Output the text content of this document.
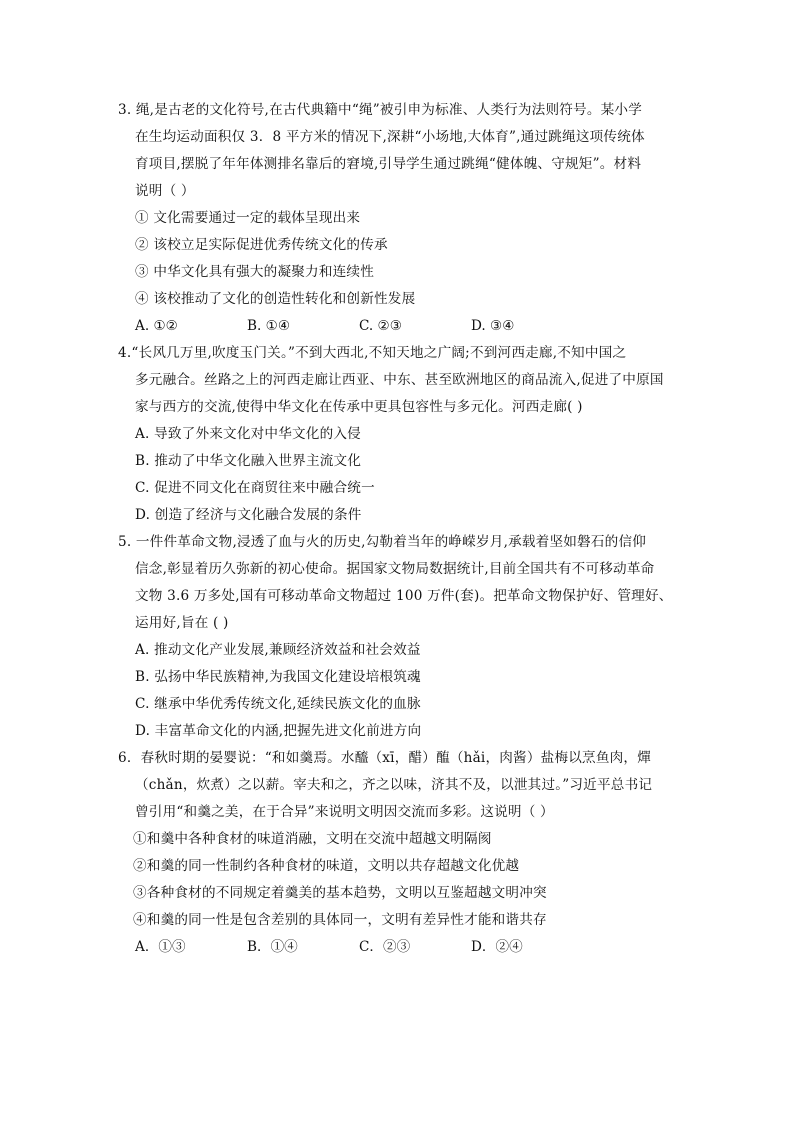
3. 绳,是古老的文化符号,在古代典籍中“绳”被引申为标准、人类行为法则符号。某小学
在生均运动面积仅 3．8 平方米的情况下,深耕“小场地,大体育”,通过跳绳这项传统体
育项目,摆脱了年年体测排名靠后的窘境,引导学生通过跳绳“健体魄、守规矩”。材料
说明（ ）
① 文化需要通过一定的载体呈现出来
② 该校立足实际促进优秀传统文化的传承
③ 中华文化具有强大的凝聚力和连续性
④ 该校推动了文化的创造性转化和创新性发展
A. ①②	B. ①④	C. ②③	D. ③④
4.“长风几万里,吹度玉门关。”不到大西北,不知天地之广阔;不到河西走廊,不知中国之
多元融合。丝路之上的河西走廊让西亚、中东、甚至欧洲地区的商品流入,促进了中原国
家与西方的交流,使得中华文化在传承中更具包容性与多元化。河西走廊( )
A. 导致了外来文化对中华文化的入侵
B. 推动了中华文化融入世界主流文化
C. 促进不同文化在商贸往来中融合统一
D. 创造了经济与文化融合发展的条件
5. 一件件革命文物,浸透了血与火的历史,勾勒着当年的峥嵘岁月,承载着坚如磐石的信仰
信念,彰显着历久弥新的初心使命。据国家文物局数据统计,目前全国共有不可移动革命
文物 3.6 万多处,国有可移动革命文物超过 100 万件(套)。把革命文物保护好、管理好、
运用好,旨在 ( )
A. 推动文化产业发展,兼顾经济效益和社会效益
B. 弘扬中华民族精神,为我国文化建设培根筑魂
C. 继承中华优秀传统文化,延续民族文化的血脉
D. 丰富革命文化的内涵,把握先进文化前进方向
6．春秋时期的晏婴说：“和如羹焉。水醯（xī，醋）醢（hǎi，肉酱）盐梅以烹鱼肉，燀
（chǎn，炊煮）之以薪。宰夫和之，齐之以味，济其不及，以泄其过。”习近平总书记
曾引用“和羹之美，在于合异”来说明文明因交流而多彩。这说明（ ）
①和羹中各种食材的味道消融，文明在交流中超越文明隔阂
②和羹的同一性制约各种食材的味道，文明以共存超越文化优越
③各种食材的不同规定着羹美的基本趋势，文明以互鉴超越文明冲突
④和羹的同一性是包含差别的具体同一，文明有差异性才能和谐共存
A．①③	B．①④	C．②③	D．②④
